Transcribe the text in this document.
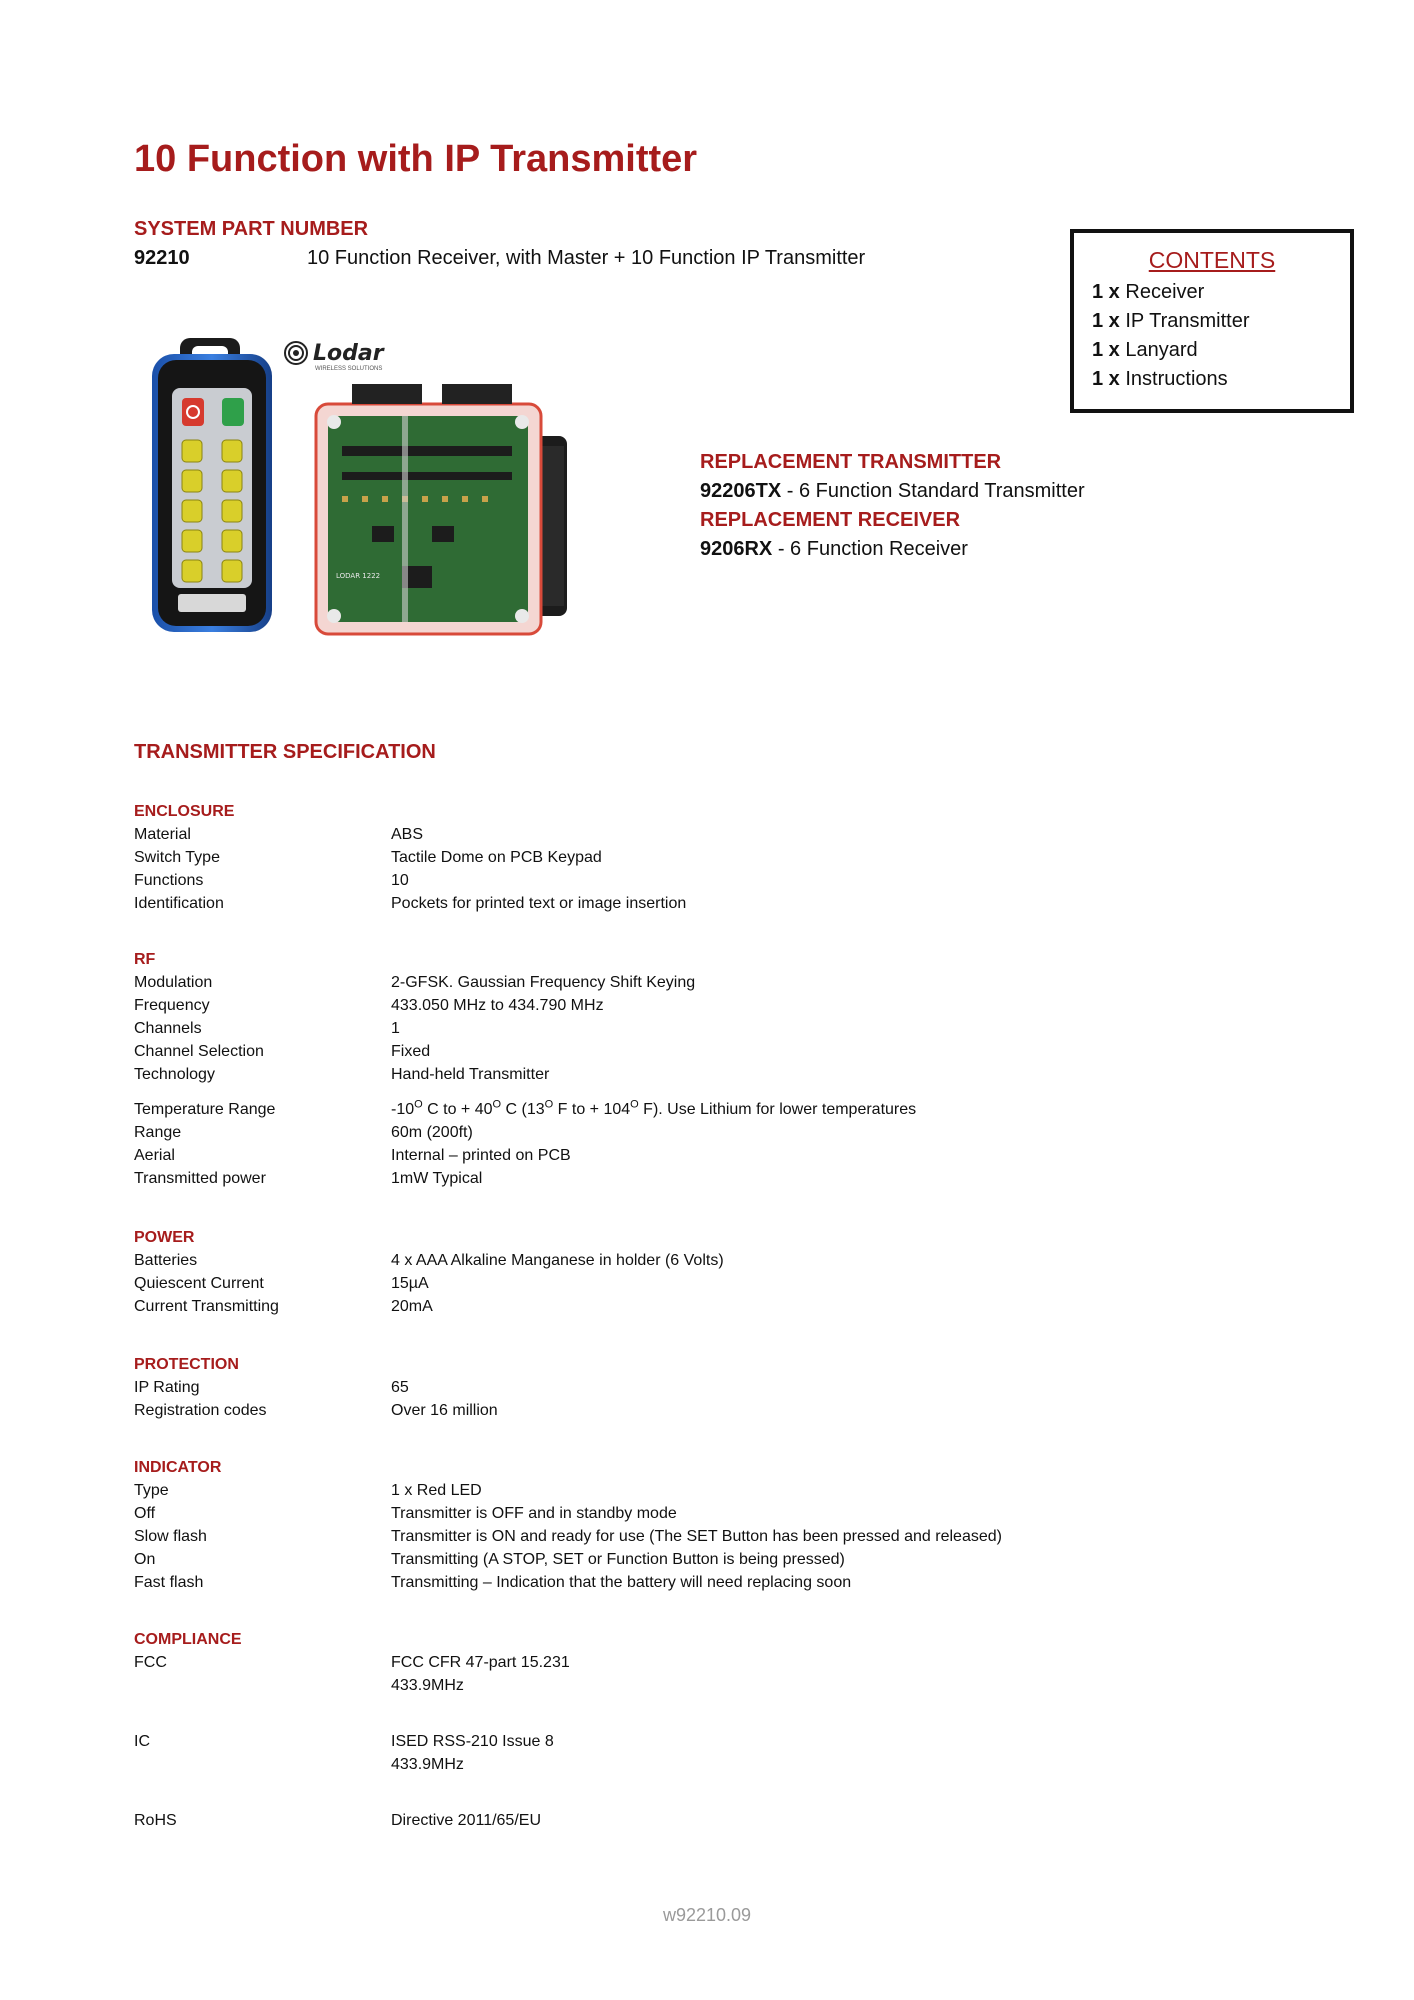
10 Function with IP Transmitter
SYSTEM PART NUMBER
92210	10 Function Receiver, with Master + 10 Function IP Transmitter	CONTENTS
1 x Receiver
1 x IP Transmitter
1 x Lanyard
1 x Instructions
Lodar
WIRELESS SOLUTIONS
LODAR 1222
REPLACEMENT TRANSMITTER
92206TX - 6 Function Standard Transmitter
REPLACEMENT RECEIVER
9206RX - 6 Function Receiver
TRANSMITTER SPECIFICATION
ENCLOSURE
Material	ABS
Switch Type	Tactile Dome on PCB Keypad
Functions	10
Identification	Pockets for printed text or image insertion
RF
Modulation	2-GFSK. Gaussian Frequency Shift Keying
Frequency	433.050 MHz to 434.790 MHz
Channels	1
Channel Selection	Fixed
Technology	Hand-held Transmitter
Temperature Range	$-10^O$ C to + $40^O$ C ($13^O$ F to + $104^O$ F). Use Lithium for lower temperatures
Range	60m (200ft)
Aerial	Internal – printed on PCB
Transmitted power	1mW Typical
POWER
Batteries	4 x AAA Alkaline Manganese in holder (6 Volts)
Quiescent Current	15µA
Current Transmitting	20mA
PROTECTION
IP Rating	65
Registration codes	Over 16 million
INDICATOR
Type	1 x Red LED
Off	Transmitter is OFF and in standby mode
Slow flash	Transmitter is ON and ready for use (The SET Button has been pressed and released)
On	Transmitting (A STOP, SET or Function Button is being pressed)
Fast flash	Transmitting – Indication that the battery will need replacing soon
COMPLIANCE
FCC	FCC CFR 47-part 15.231
433.9MHz
IC	ISED RSS-210 Issue 8
433.9MHz
RoHS	Directive 2011/65/EU
w92210.09
